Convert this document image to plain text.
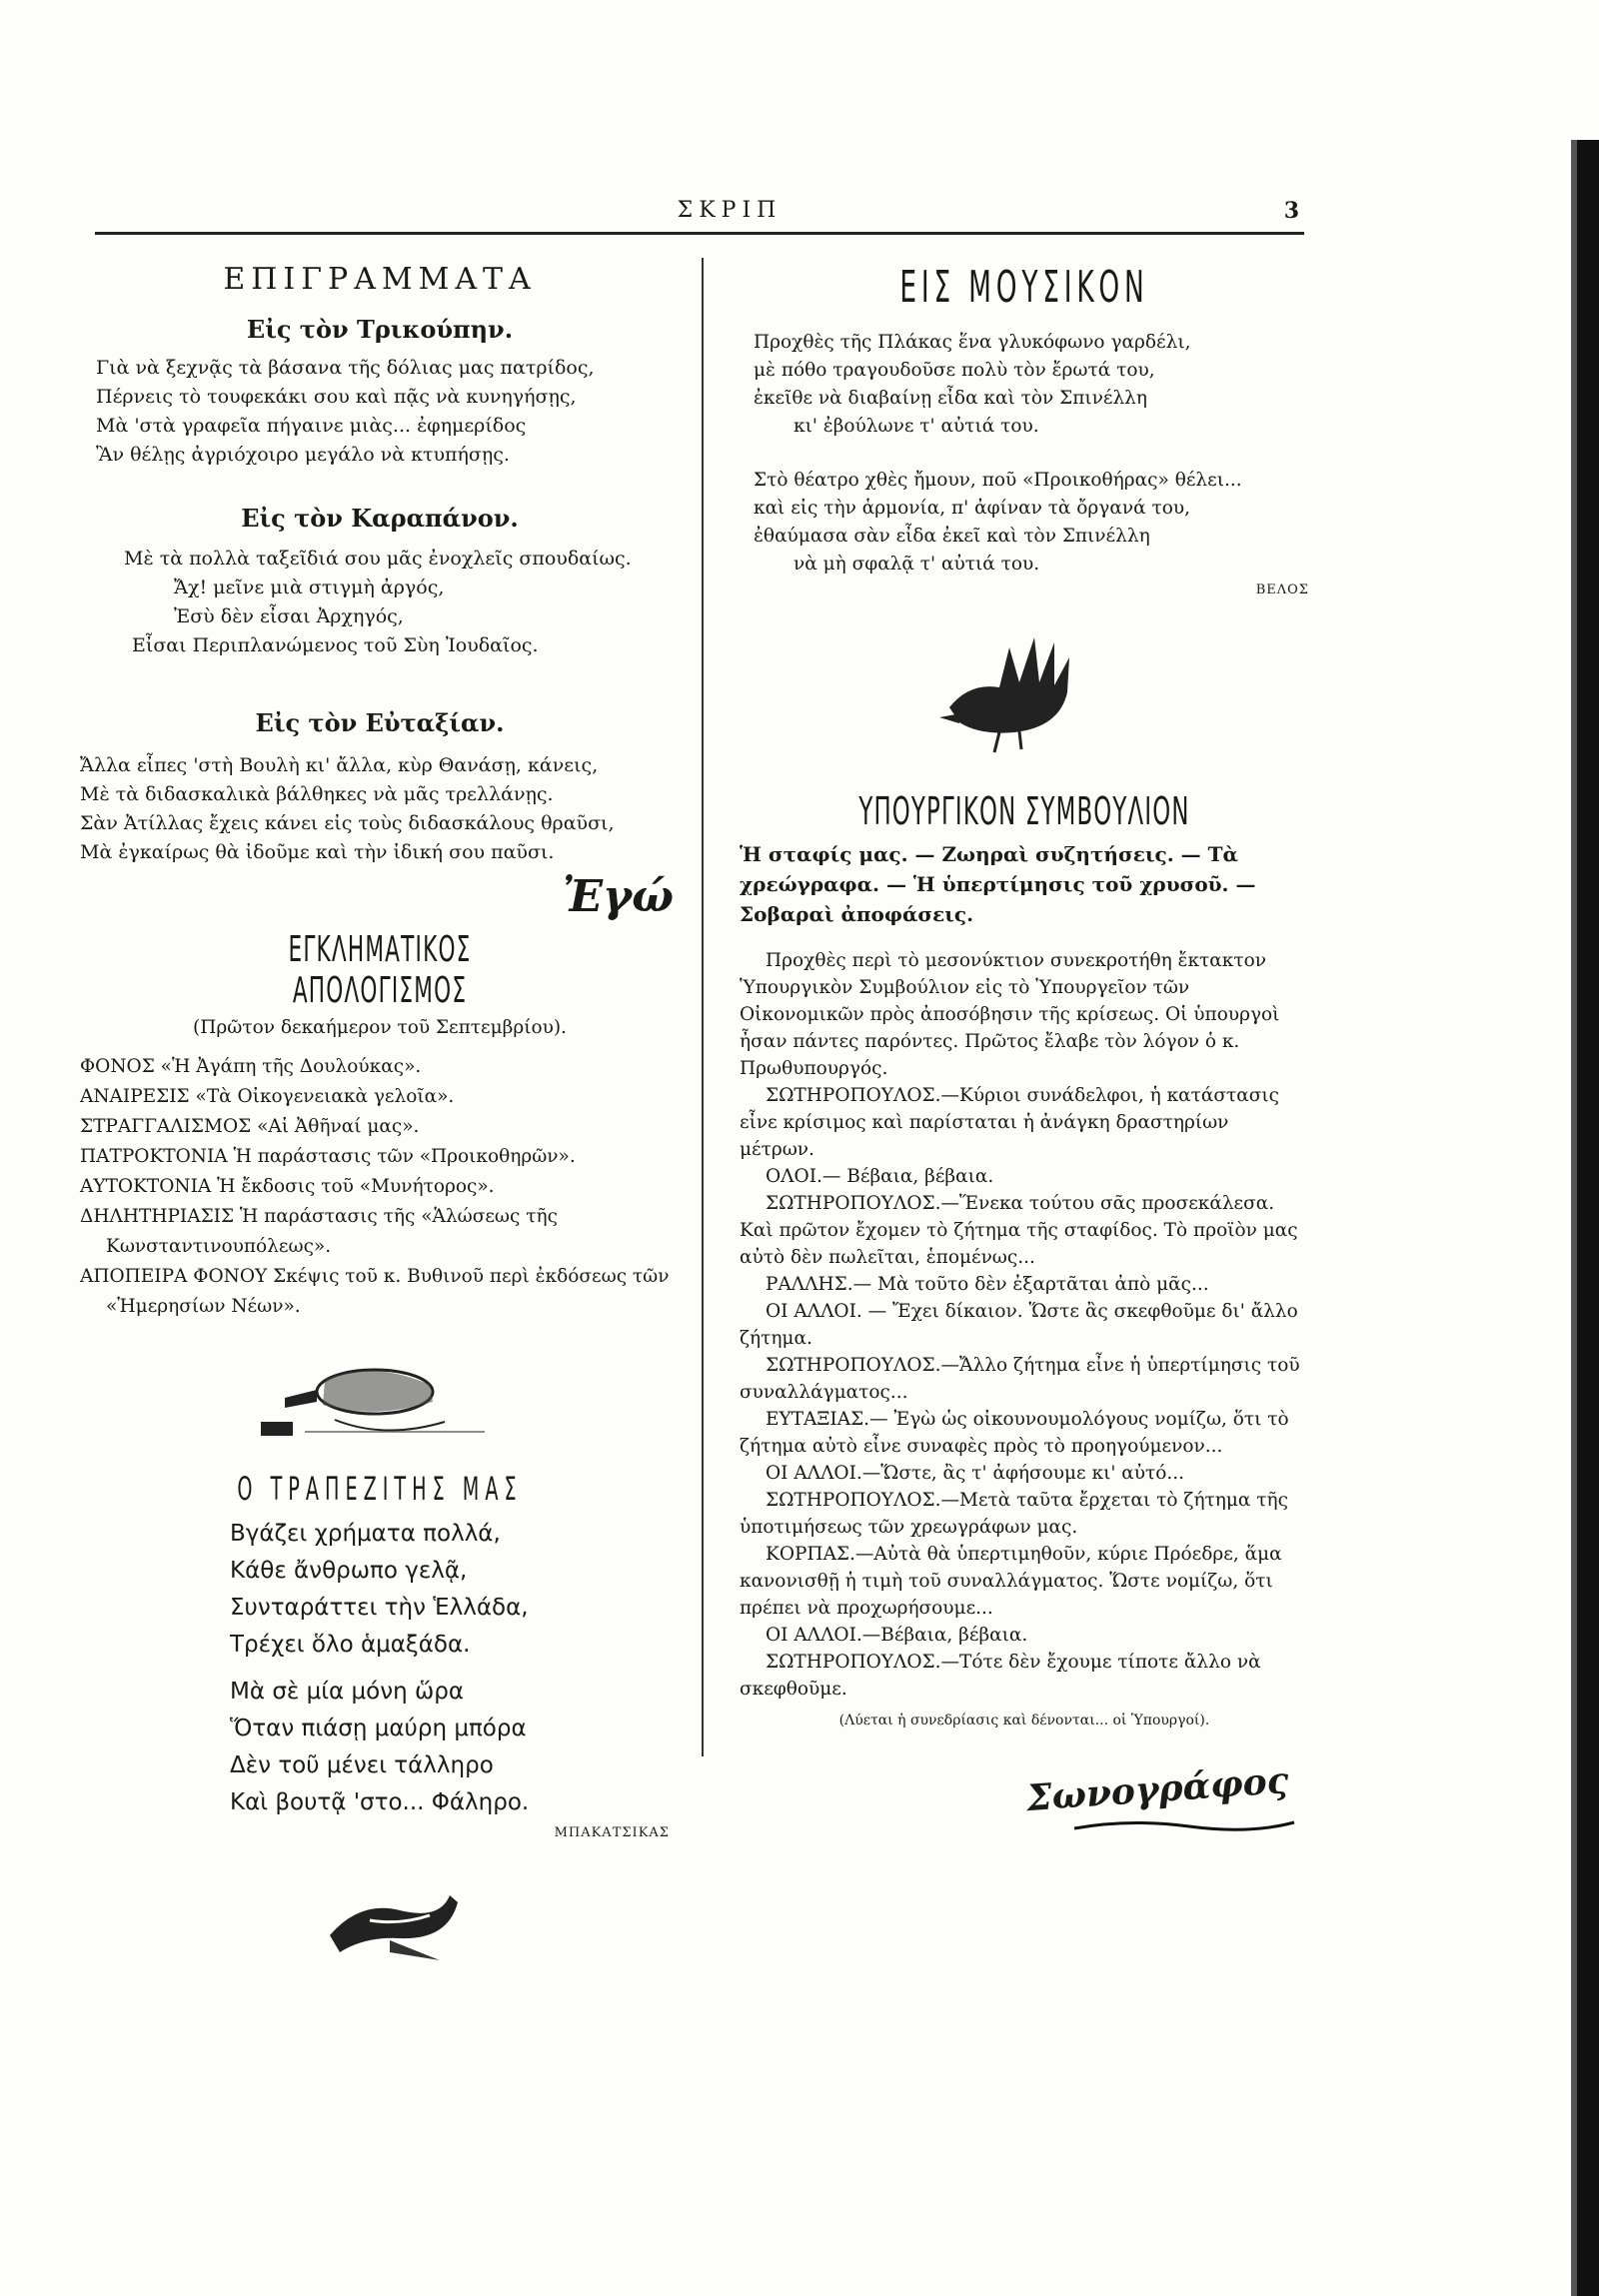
ΣΚΡΙΠ	3
ΕΠΙΓΡΑΜΜΑΤΑ
Εἰς τὸν Τρικούπην.

Γιὰ νὰ ξεχνᾷς τὰ βάσανα τῆς δόλιας μας πατρίδος,

Πέρνεις τὸ τουφεκάκι σου καὶ πᾷς νὰ κυνηγήσῃς,

Μὰ 'στὰ γραφεῖα πήγαινε μιὰς... ἐφημερίδος

Ἂν θέλῃς ἀγριόχοιρο μεγάλο νὰ κτυπήσῃς.

Εἰς τὸν Καραπάνον.

Μὲ τὰ πολλὰ ταξεῖδιά σου μᾶς ἐνοχλεῖς σπουδαίως.

Ἄχ! μεῖνε μιὰ στιγμὴ ἀργός,

Ἐσὺ δὲν εἶσαι Ἀρχηγός,

Εἶσαι Περιπλανώμενος τοῦ Σὺη Ἰουδαῖος.

Εἰς τὸν Εὐταξίαν.

Ἄλλα εἶπες 'στὴ Βουλὴ κι' ἄλλα, κὺρ Θανάσῃ, κάνεις,

Μὲ τὰ διδασκαλικὰ βάλθηκες νὰ μᾶς τρελλάνῃς.

Σὰν Ἀτίλλας ἔχεις κάνει εἰς τοὺς διδασκάλους θραῦσι,

Μὰ ἐγκαίρως θὰ ἰδοῦμε καὶ τὴν ἰδική σου παῦσι.

Ἐγώ
ΕΓΚΛΗΜΑΤΙΚΟΣ ΑΠΟΛΟΓΙΣΜΟΣ
(Πρῶτον δεκαήμερον τοῦ Σεπτεμβρίου).

ΦΟΝΟΣ «Ἡ Ἀγάπη τῆς Δουλούκας».

ΑΝΑΙΡΕΣΙΣ «Τὰ Οἰκογενειακὰ γελοῖα».

ΣΤΡΑΓΓΑΛΙΣΜΟΣ «Αἱ Ἀθῆναί μας».

ΠΑΤΡΟΚΤΟΝΙΑ Ἡ παράστασις τῶν «Προικοθηρῶν».

ΑΥΤΟΚΤΟΝΙΑ Ἡ ἔκδοσις τοῦ «Μυνήτορος».

ΔΗΛΗΤΗΡΙΑΣΙΣ Ἡ παράστασις τῆς «Ἁλώσεως τῆς Κωνσταντινουπόλεως».

ΑΠΟΠΕΙΡΑ ΦΟΝΟΥ Σκέψις τοῦ κ. Βυθινοῦ περὶ ἐκδόσεως τῶν «Ἡμερησίων Νέων».

Ο ΤΡΑΠΕΖΙΤΗΣ ΜΑΣ

Βγάζει χρήματα πολλά,

Κάθε ἄνθρωπο γελᾷ,

Συνταράττει τὴν Ἑλλάδα,

Τρέχει ὅλο ἁμαξάδα.

Μὰ σὲ μία μόνη ὥρα

Ὅταν πιάσῃ μαύρη μπόρα

Δὲν τοῦ μένει τάλληρο

Καὶ βουτᾷ 'στο... Φάληρο.

ΜΠΑΚΑΤΣΙΚΑΣ
ΕΙΣ ΜΟΥΣΙΚΟΝ

Προχθὲς τῆς Πλάκας ἕνα γλυκόφωνο γαρδέλι,

μὲ πόθο τραγουδοῦσε πολὺ τὸν ἔρωτά του,

ἐκεῖθε νὰ διαβαίνῃ εἶδα καὶ τὸν Σπινέλλη

κι' ἐβούλωνε τ' αὐτιά του.

Στὸ θέατρο χθὲς ἤμουν, ποῦ «Προικοθήρας» θέλει...

καὶ εἰς τὴν ἁρμονία, π' ἀφίναν τὰ ὄργανά του,

ἐθαύμασα σὰν εἶδα ἐκεῖ καὶ τὸν Σπινέλλη

νὰ μὴ σφαλᾷ τ' αὐτιά του.

ΒΕΛΟΣ
ΥΠΟΥΡΓΙΚΟΝ ΣΥΜΒΟΥΛΙΟΝ
Ἡ σταφίς μας. — Ζωηραὶ συζητήσεις. — Τὰ χρεώγραφα. — Ἡ ὑπερτίμησις τοῦ χρυσοῦ. — Σοβαραὶ ἀποφάσεις.

Προχθὲς περὶ τὸ μεσονύκτιον συνεκροτήθη ἔκτακτον Ὑπουργικὸν Συμβούλιον εἰς τὸ Ὑπουργεῖον τῶν Οἰκονομικῶν πρὸς ἀποσόβησιν τῆς κρίσεως. Οἱ ὑπουργοὶ ἦσαν πάντες παρόντες. Πρῶτος ἔλαβε τὸν λόγον ὁ κ. Πρωθυπουργός.

ΣΩΤΗΡΟΠΟΥΛΟΣ.—Κύριοι συνάδελφοι, ἡ κατάστασις εἶνε κρίσιμος καὶ παρίσταται ἡ ἀνάγκη δραστηρίων μέτρων.

ΟΛΟΙ.— Βέβαια, βέβαια.

ΣΩΤΗΡΟΠΟΥΛΟΣ.—Ἕνεκα τούτου σᾶς προσεκάλεσα. Καὶ πρῶτον ἔχομεν τὸ ζήτημα τῆς σταφίδος. Τὸ προϊὸν μας αὐτὸ δὲν πωλεῖται, ἑπομένως...

ΡΑΛΛΗΣ.— Μὰ τοῦτο δὲν ἐξαρτᾶται ἀπὸ μᾶς...

ΟΙ ΑΛΛΟΙ. — Ἔχει δίκαιον. Ὥστε ἂς σκεφθοῦμε δι' ἄλλο ζήτημα.

ΣΩΤΗΡΟΠΟΥΛΟΣ.—Ἄλλο ζήτημα εἶνε ἡ ὑπερτίμησις τοῦ συναλλάγματος...

ΕΥΤΑΞΙΑΣ.— Ἐγὼ ὡς οἰκουνουμολόγους νομίζω, ὅτι τὸ ζήτημα αὐτὸ εἶνε συναφὲς πρὸς τὸ προηγούμενον...

ΟΙ ΑΛΛΟΙ.—Ὥστε, ἂς τ' ἀφήσουμε κι' αὐτό...

ΣΩΤΗΡΟΠΟΥΛΟΣ.—Μετὰ ταῦτα ἔρχεται τὸ ζήτημα τῆς ὑποτιμήσεως τῶν χρεωγράφων μας.

ΚΟΡΠΑΣ.—Αὐτὰ θὰ ὑπερτιμηθοῦν, κύριε Πρόεδρε, ἅμα κανονισθῇ ἡ τιμὴ τοῦ συναλλάγματος. Ὥστε νομίζω, ὅτι πρέπει νὰ προχωρήσουμε...

ΟΙ ΑΛΛΟΙ.—Βέβαια, βέβαια.

ΣΩΤΗΡΟΠΟΥΛΟΣ.—Τότε δὲν ἔχουμε τίποτε ἄλλο νὰ σκεφθοῦμε.

(Λύεται ἡ συνεδρίασις καὶ δένονται... οἱ Ὑπουργοί).
Σωνογράφος
